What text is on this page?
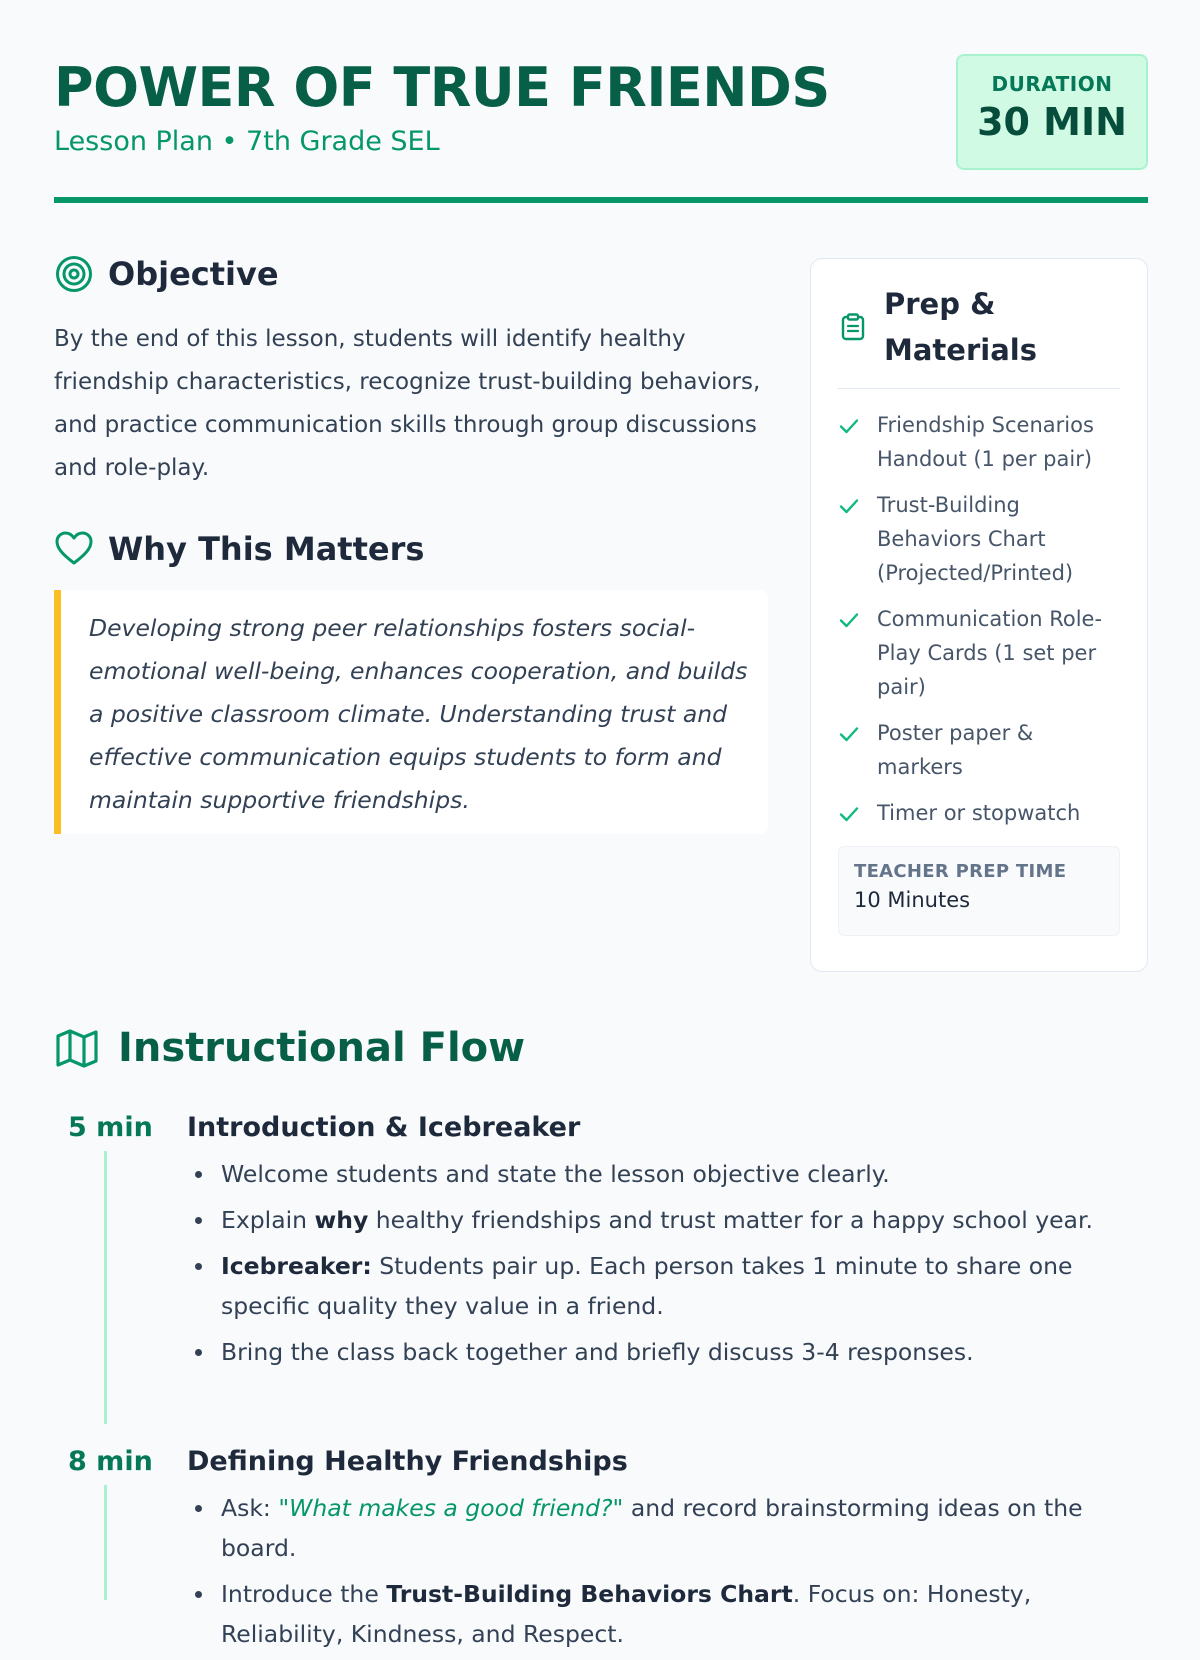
POWER OF TRUE FRIENDS
Lesson Plan • 7th Grade SEL
DURATION
30 MIN
Objective

By the end of this lesson, students will identify healthy friendship characteristics, recognize trust-building behaviors, and practice communication skills through group discussions and role-play.

Why This Matters

Developing strong peer relationships fosters social-emotional well-being, enhances cooperation, and builds a positive classroom climate. Understanding trust and effective communication equips students to form and maintain supportive friendships.

Prep & Materials
Friendship Scenarios Handout (1 per pair)
Trust-Building Behaviors Chart (Projected/Printed)
Communication Role-Play Cards (1 set per pair)
Poster paper & markers
Timer or stopwatch
TEACHER PREP TIME
10 Minutes
Instructional Flow
5 min Introduction & Icebreaker
Welcome students and state the lesson objective clearly.
Explain why healthy friendships and trust matter for a happy school year.
Icebreaker: Students pair up. Each person takes 1 minute to share one specific quality they value in a friend.
Bring the class back together and briefly discuss 3-4 responses.
8 min Defining Healthy Friendships
Ask: "What makes a good friend?" and record brainstorming ideas on the board.
Introduce the Trust-Building Behaviors Chart. Focus on: Honesty, Reliability, Kindness, and Respect.
